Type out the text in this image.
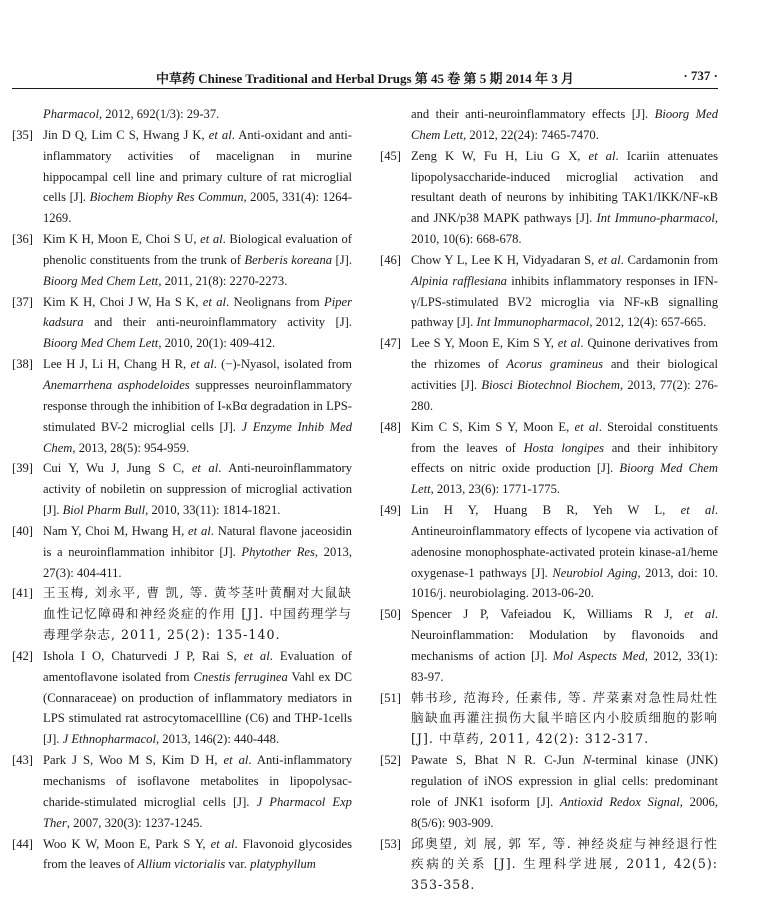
中草药 Chinese Traditional and Herbal Drugs 第 45 卷 第 5 期 2014 年 3 月	· 737 ·
Pharmacol, 2012, 692(1/3): 29-37.
[35] Jin D Q, Lim C S, Hwang J K, et al. Anti-oxidant and anti-inflammatory activities of macelignan in murine hippocampal cell line and primary culture of rat microglial cells [J]. Biochem Biophy Res Commun, 2005, 331(4): 1264-1269.
[36] Kim K H, Moon E, Choi S U, et al. Biological evaluation of phenolic constituents from the trunk of Berberis koreana [J]. Bioorg Med Chem Lett, 2011, 21(8): 2270-2273.
[37] Kim K H, Choi J W, Ha S K, et al. Neolignans from Piper kadsura and their anti-neuroinflammatory activity [J]. Bioorg Med Chem Lett, 2010, 20(1): 409-412.
[38] Lee H J, Li H, Chang H R, et al. (−)-Nyasol, isolated from Anemarrhena asphodeloides suppresses neuroinflammatory response through the inhibition of I-κBα degradation in LPS-stimulated BV-2 microglial cells [J]. J Enzyme Inhib Med Chem, 2013, 28(5): 954-959.
[39] Cui Y, Wu J, Jung S C, et al. Anti-neuroinflammatory activity of nobiletin on suppression of microglial activation [J]. Biol Pharm Bull, 2010, 33(11): 1814-1821.
[40] Nam Y, Choi M, Hwang H, et al. Natural flavone jaceosidin is a neuroinflammation inhibitor [J]. Phytother Res, 2013, 27(3): 404-411.
[41] 王玉梅, 刘永平, 曹 凯, 等. 黄芩茎叶黄酮对大鼠缺血性记忆障碍和神经炎症的作用 [J]. 中国药理学与毒理学杂志, 2011, 25(2): 135-140.
[42] Ishola I O, Chaturvedi J P, Rai S, et al. Evaluation of amentoflavone isolated from Cnestis ferruginea Vahl ex DC (Connaraceae) on production of inflammatory mediators in LPS stimulated rat astrocytomacellline (C6) and THP-1cells [J]. J Ethnopharmacol, 2013, 146(2): 440-448.
[43] Park J S, Woo M S, Kim D H, et al. Anti-inflammatory mechanisms of isoflavone metabolites in lipopolysac-charide-stimulated microglial cells [J]. J Pharmacol Exp Ther, 2007, 320(3): 1237-1245.
[44] Woo K W, Moon E, Park S Y, et al. Flavonoid glycosides from the leaves of Allium victorialis var. platyphyllum
and their anti-neuroinflammatory effects [J]. Bioorg Med Chem Lett, 2012, 22(24): 7465-7470.
[45] Zeng K W, Fu H, Liu G X, et al. Icariin attenuates lipopolysaccharide-induced microglial activation and resultant death of neurons by inhibiting TAK1/IKK/NF-κB and JNK/p38 MAPK pathways [J]. Int Immuno-pharmacol, 2010, 10(6): 668-678.
[46] Chow Y L, Lee K H, Vidyadaran S, et al. Cardamonin from Alpinia rafflesiana inhibits inflammatory responses in IFN-γ/LPS-stimulated BV2 microglia via NF-κB signalling pathway [J]. Int Immunopharmacol, 2012, 12(4): 657-665.
[47] Lee S Y, Moon E, Kim S Y, et al. Quinone derivatives from the rhizomes of Acorus gramineus and their biological activities [J]. Biosci Biotechnol Biochem, 2013, 77(2): 276-280.
[48] Kim C S, Kim S Y, Moon E, et al. Steroidal constituents from the leaves of Hosta longipes and their inhibitory effects on nitric oxide production [J]. Bioorg Med Chem Lett, 2013, 23(6): 1771-1775.
[49] Lin H Y, Huang B R, Yeh W L, et al. Antineuroinflammatory effects of lycopene via activation of adenosine monophosphate-activated protein kinase-a1/heme oxygenase-1 pathways [J]. Neurobiol Aging, 2013, doi: 10. 1016/j. neurobiolaging. 2013-06-20.
[50] Spencer J P, Vafeiadou K, Williams R J, et al. Neuroinflammation: Modulation by flavonoids and mechanisms of action [J]. Mol Aspects Med, 2012, 33(1): 83-97.
[51] 韩书珍, 范海玲, 任素伟, 等. 芹菜素对急性局灶性脑缺血再灌注损伤大鼠半暗区内小胶质细胞的影响 [J]. 中草药, 2011, 42(2): 312-317.
[52] Pawate S, Bhat N R. C-Jun N-terminal kinase (JNK) regulation of iNOS expression in glial cells: predominant role of JNK1 isoform [J]. Antioxid Redox Signal, 2006, 8(5/6): 903-909.
[53] 邱奥望, 刘 展, 郭 军, 等. 神经炎症与神经退行性疾病的关系 [J]. 生理科学进展, 2011, 42(5): 353-358.
